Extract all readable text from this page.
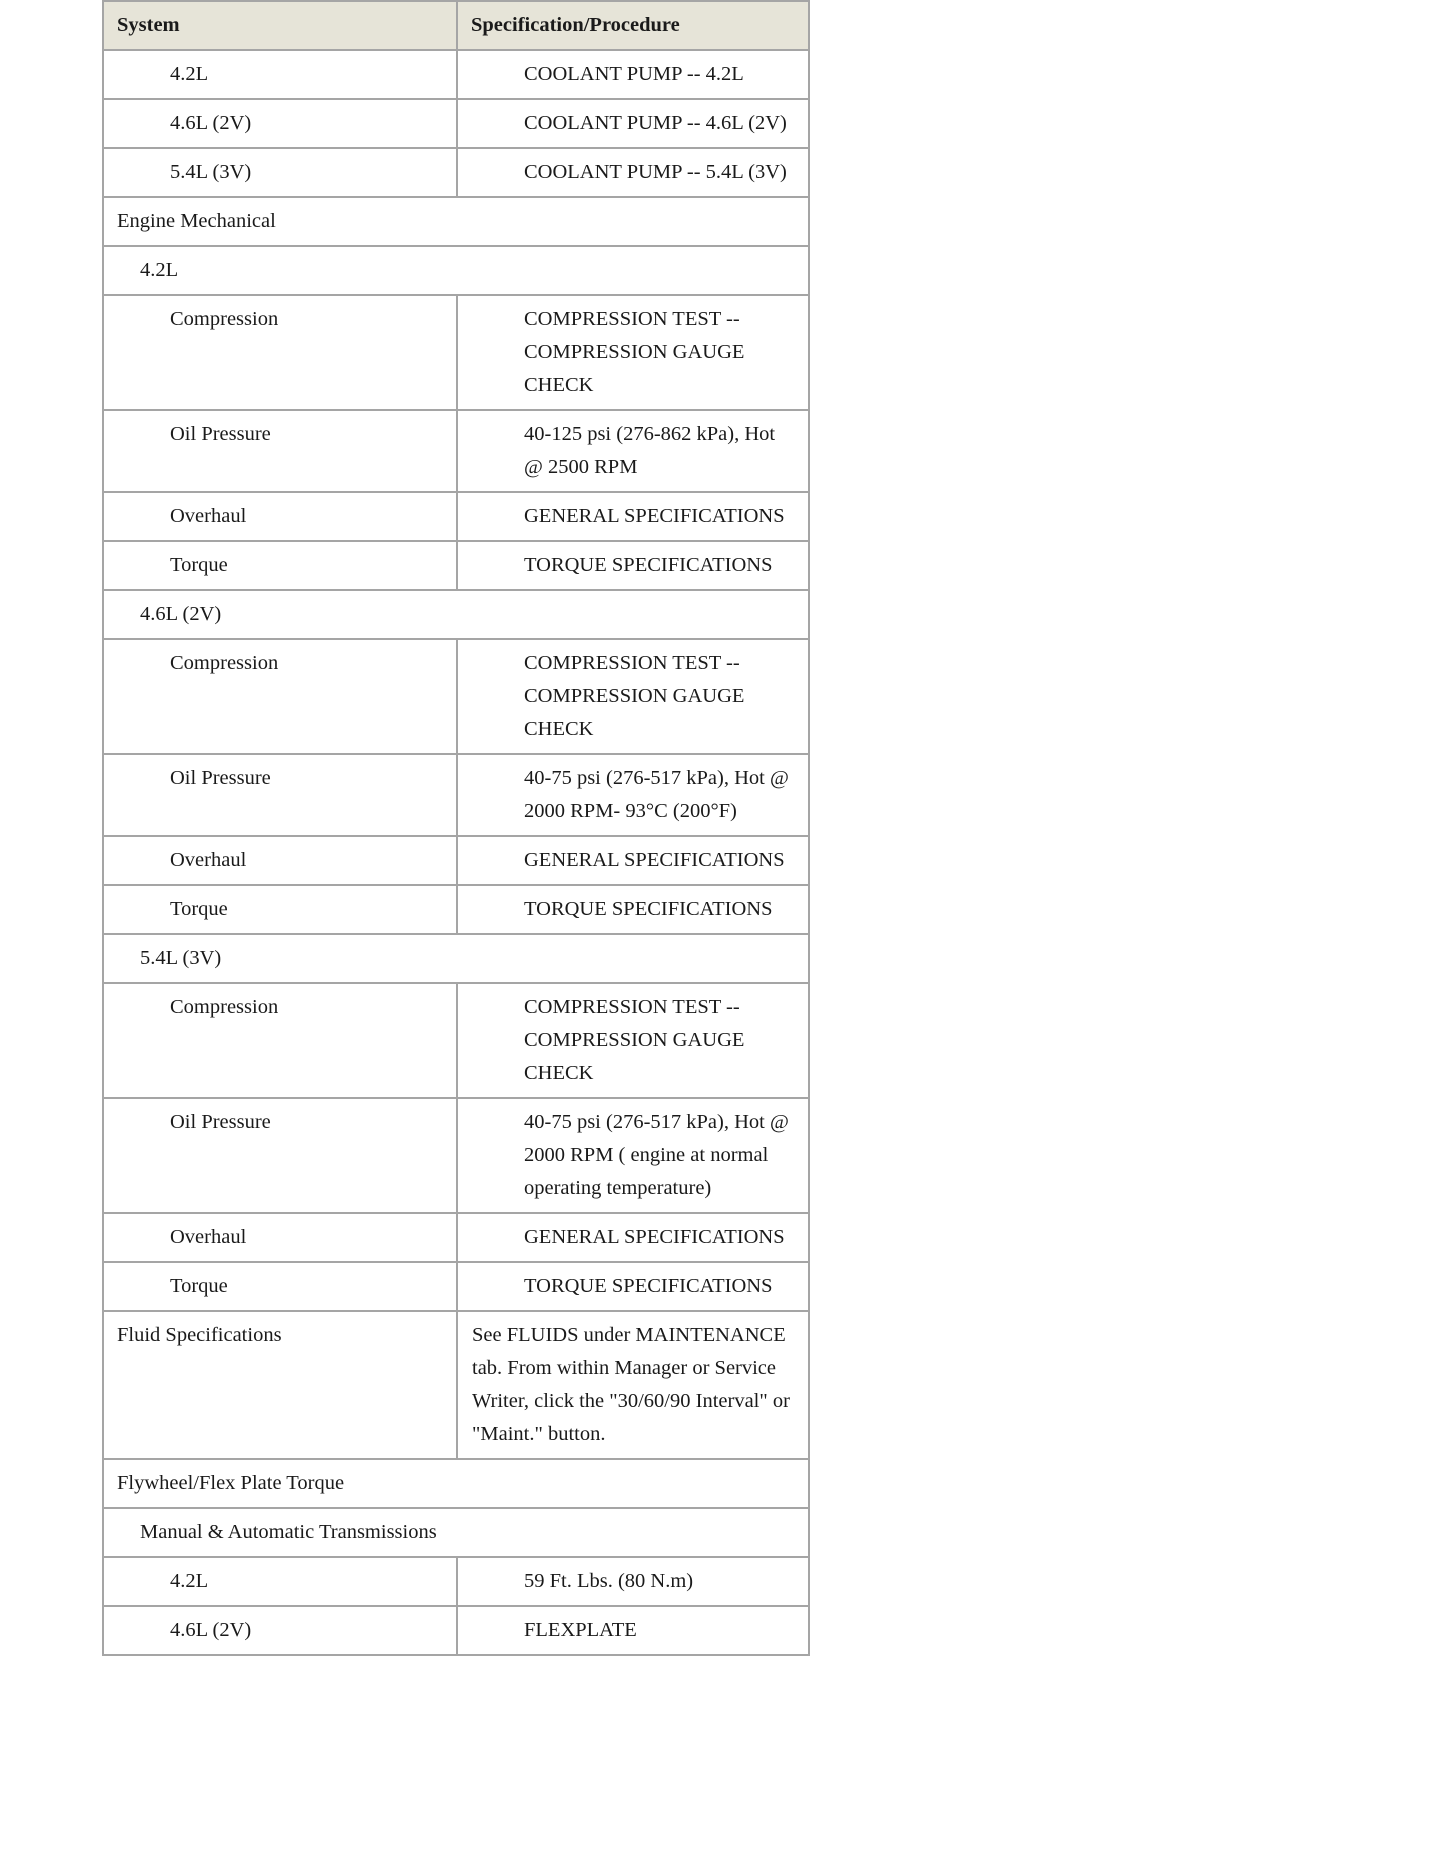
System	Specification/Procedure
4.2L	COOLANT PUMP -- 4.2L
4.6L (2V)	COOLANT PUMP -- 4.6L (2V)
5.4L (3V)	COOLANT PUMP -- 5.4L (3V)
Engine Mechanical	
4.2L	
Compression	COMPRESSION TEST -- COMPRESSION GAUGE CHECK
Oil Pressure	40-125 psi (276-862 kPa), Hot @ 2500 RPM
Overhaul	GENERAL SPECIFICATIONS
Torque	TORQUE SPECIFICATIONS
4.6L (2V)	
Compression	COMPRESSION TEST -- COMPRESSION GAUGE CHECK
Oil Pressure	40-75 psi (276-517 kPa), Hot @ 2000 RPM- 93°C (200°F)
Overhaul	GENERAL SPECIFICATIONS
Torque	TORQUE SPECIFICATIONS
5.4L (3V)	
Compression	COMPRESSION TEST -- COMPRESSION GAUGE CHECK
Oil Pressure	40-75 psi (276-517 kPa), Hot @ 2000 RPM ( engine at normal operating temperature)
Overhaul	GENERAL SPECIFICATIONS
Torque	TORQUE SPECIFICATIONS
Fluid Specifications	See FLUIDS under MAINTENANCE tab. From within Manager or Service Writer, click the "30/60/90 Interval" or "Maint." button.
Flywheel/Flex Plate Torque	
Manual & Automatic Transmissions	
4.2L	59 Ft. Lbs. (80 N.m)
4.6L (2V)	FLEXPLATE
